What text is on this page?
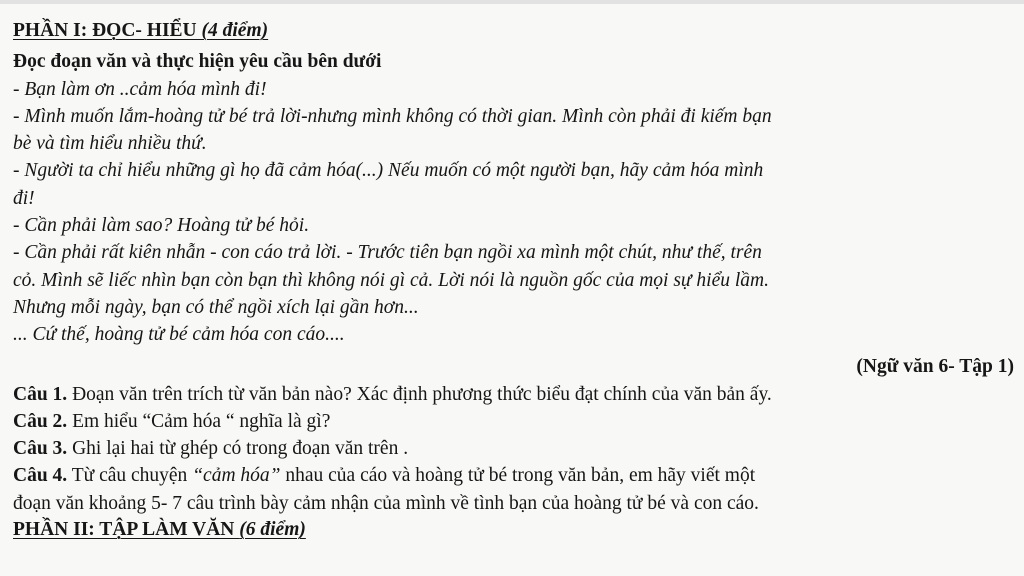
PHẦN I: ĐỌC- HIỂU (4 điểm)

Đọc đoạn văn và thực hiện yêu cầu bên dưới

- Bạn làm ơn ..cảm hóa mình đi!

- Mình muốn lắm-hoàng tử bé trả lời-nhưng mình không có thời gian. Mình còn phải đi kiếm bạn

bè và tìm hiểu nhiều thứ.

- Người ta chỉ hiểu những gì họ đã cảm hóa(...) Nếu muốn có một người bạn, hãy cảm hóa mình

đi!

- Cần phải làm sao? Hoàng tử bé hỏi.

- Cần phải rất kiên nhẫn - con cáo trả lời. - Trước tiên bạn ngồi xa mình một chút, như thế, trên

cỏ. Mình sẽ liếc nhìn bạn còn bạn thì không nói gì cả. Lời nói là nguồn gốc của mọi sự hiểu lầm.

Nhưng mỗi ngày, bạn có thể ngồi xích lại gần hơn...

... Cứ thế, hoàng tử bé cảm hóa con cáo....

(Ngữ văn 6- Tập 1)

Câu 1. Đoạn văn trên trích từ văn bản nào? Xác định phương thức biểu đạt chính của văn bản ấy.

Câu 2. Em hiểu “Cảm hóa “ nghĩa là gì?

Câu 3. Ghi lại hai từ ghép có trong đoạn văn trên .

Câu 4. Từ câu chuyện “cảm hóa” nhau của cáo và hoàng tử bé trong văn bản, em hãy viết một

đoạn văn khoảng 5- 7 câu trình bày cảm nhận của mình về tình bạn của hoàng tử bé và con cáo.

PHẦN II: TẬP LÀM VĂN (6 điểm)
